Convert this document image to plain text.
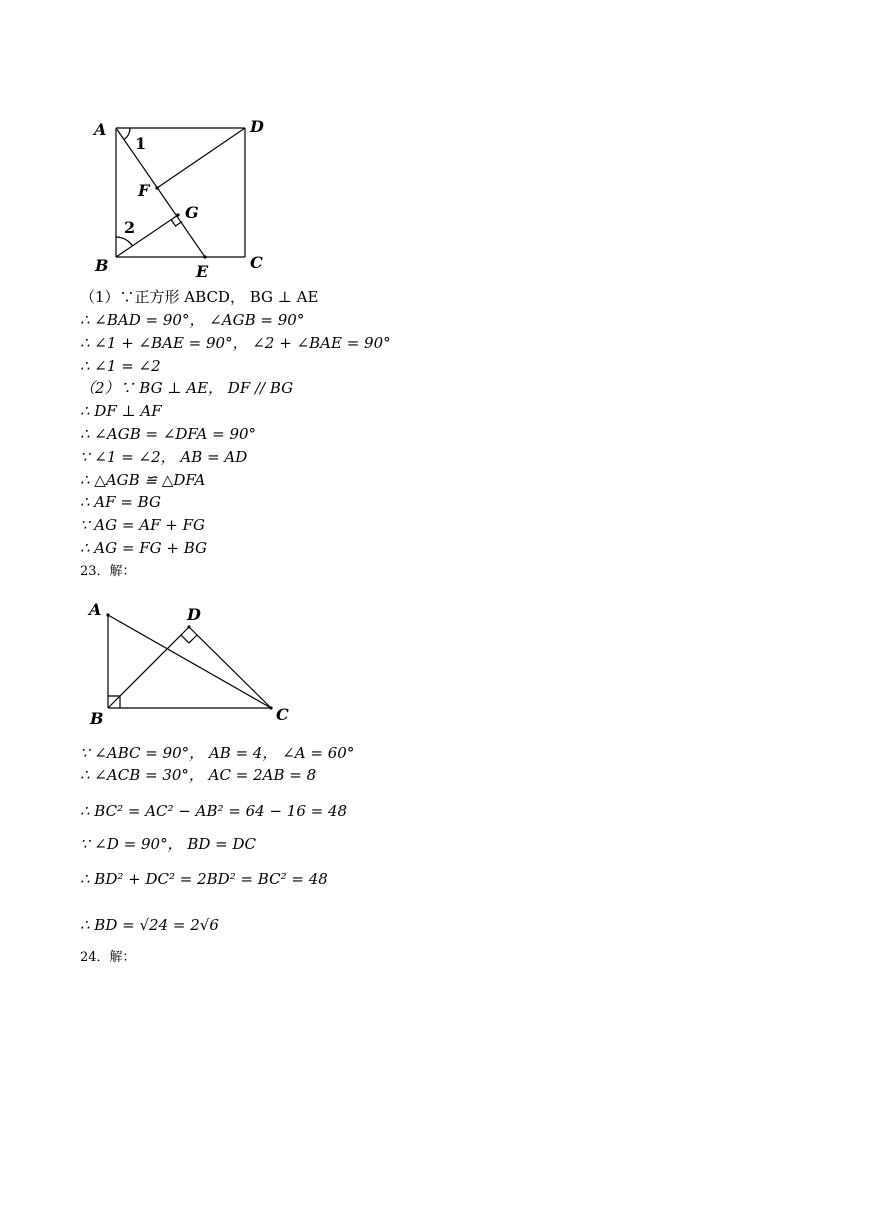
A	D
F
G
B	E	C
1
2
（1）∵正方形 ABCD， BG ⊥ AE
∴ ∠BAD = 90°， ∠AGB = 90°
∴ ∠1 + ∠BAE = 90°， ∠2 + ∠BAE = 90°
∴ ∠1 = ∠2
（2）∵ BG ⊥ AE， DF // BG
∴ DF ⊥ AF
∴ ∠AGB = ∠DFA = 90°
∵ ∠1 = ∠2， AB = AD
∴ △AGB ≌ △DFA
∴ AF = BG
∵ AG = AF + FG
∴ AG = FG + BG
23．解：
A	D
B	C
∵ ∠ABC = 90°， AB = 4， ∠A = 60°
∴ ∠ACB = 30°， AC = 2AB = 8
∴ BC² = AC² − AB² = 64 − 16 = 48
∵ ∠D = 90°， BD = DC
∴ BD² + DC² = 2BD² = BC² = 48
∴ BD = √24 = 2√6
24．解：
